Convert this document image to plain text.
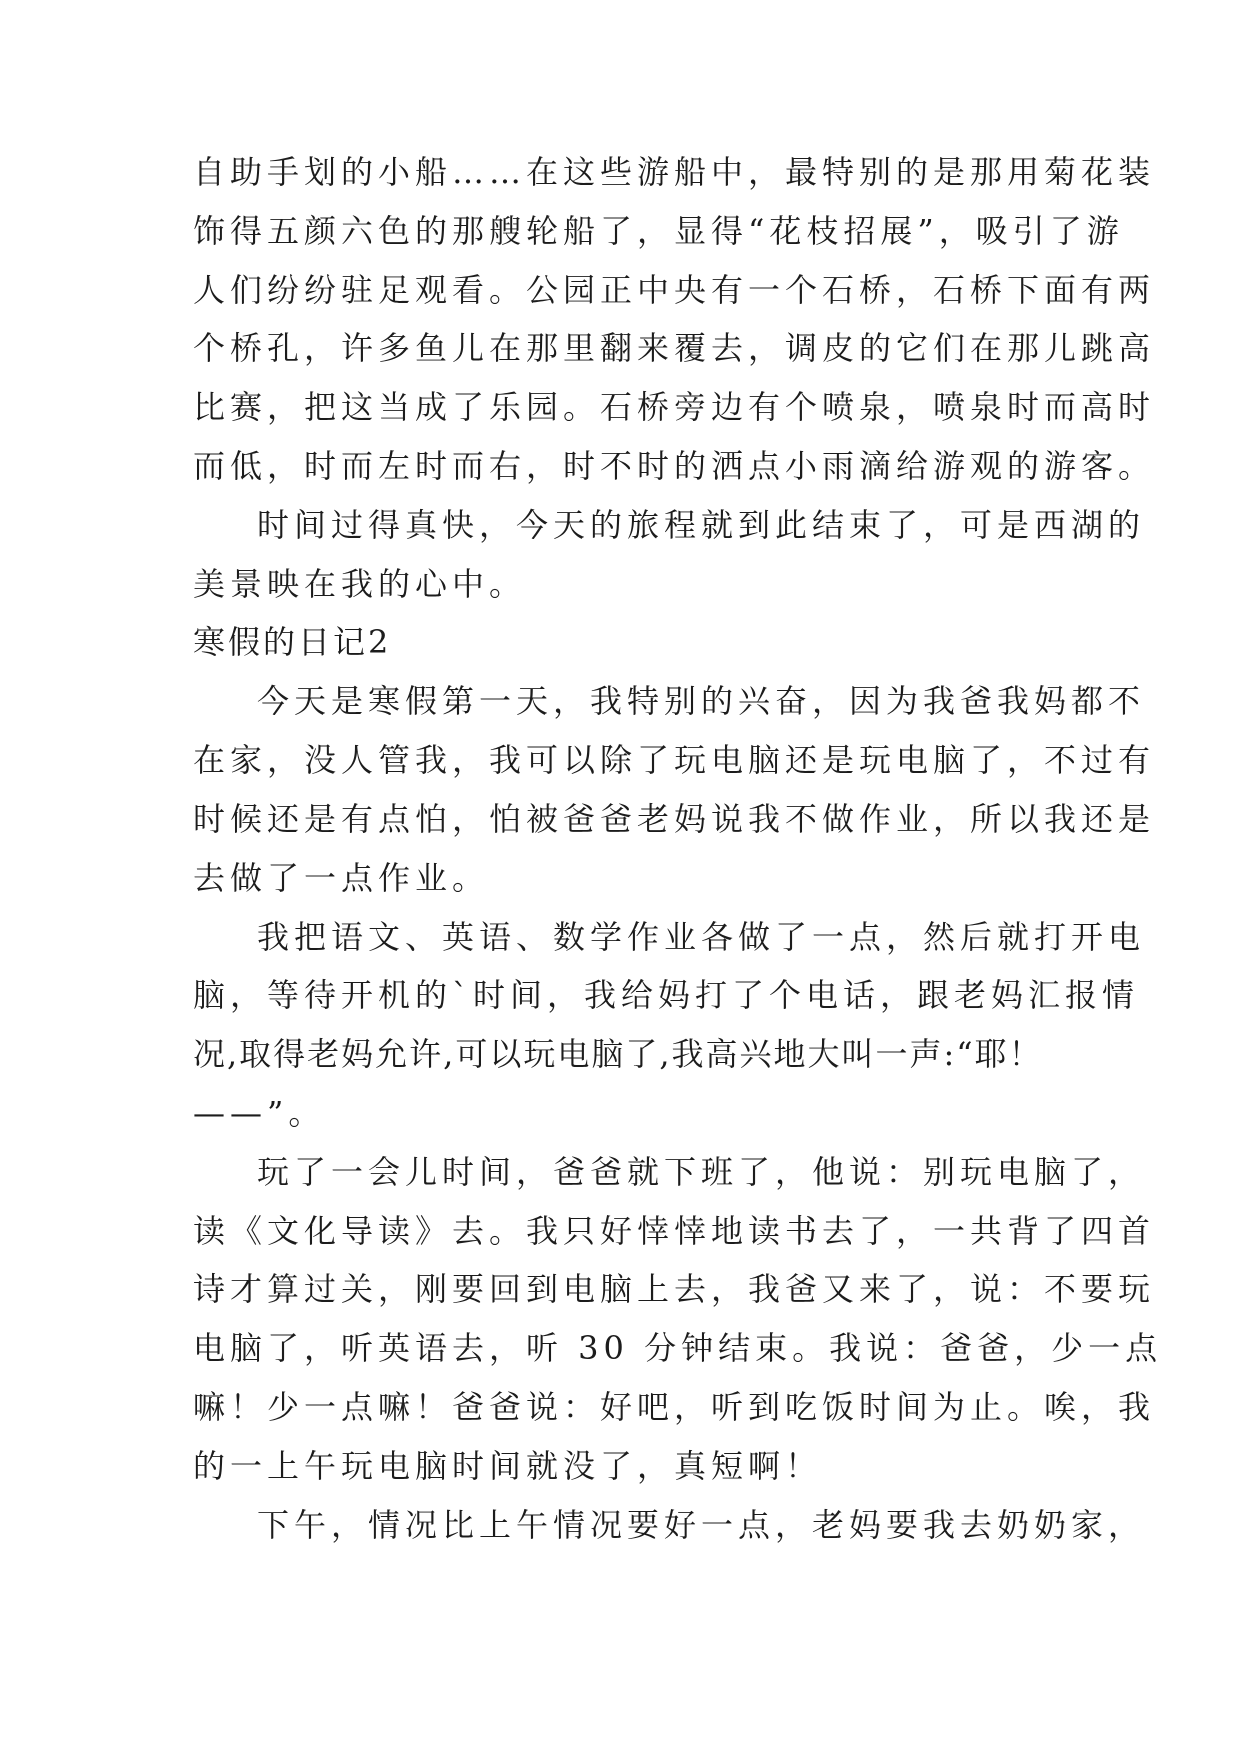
自助手划的小船……在这些游船中，最特别的是那用菊花装
饰得五颜六色的那艘轮船了，显得“花枝招展”，吸引了游
人们纷纷驻足观看。公园正中央有一个石桥，石桥下面有两
个桥孔，许多鱼儿在那里翻来覆去，调皮的它们在那儿跳高
比赛，把这当成了乐园。石桥旁边有个喷泉，喷泉时而高时
而低，时而左时而右，时不时的洒点小雨滴给游观的游客。
时间过得真快，今天的旅程就到此结束了，可是西湖的
美景映在我的心中。
寒假的日记2
今天是寒假第一天，我特别的兴奋，因为我爸我妈都不
在家，没人管我，我可以除了玩电脑还是玩电脑了，不过有
时候还是有点怕，怕被爸爸老妈说我不做作业，所以我还是
去做了一点作业。
我把语文、英语、数学作业各做了一点，然后就打开电
脑，等待开机的`时间，我给妈打了个电话，跟老妈汇报情
况,取得老妈允许,可以玩电脑了,我高兴地大叫一声:“耶！
——”。
玩了一会儿时间，爸爸就下班了，他说：别玩电脑了，
读《文化导读》去。我只好悻悻地读书去了，一共背了四首
诗才算过关，刚要回到电脑上去，我爸又来了，说：不要玩
电脑了，听英语去，听 30 分钟结束。我说：爸爸，少一点
嘛！少一点嘛！爸爸说：好吧，听到吃饭时间为止。唉，我
的一上午玩电脑时间就没了，真短啊！
下午，情况比上午情况要好一点，老妈要我去奶奶家，
